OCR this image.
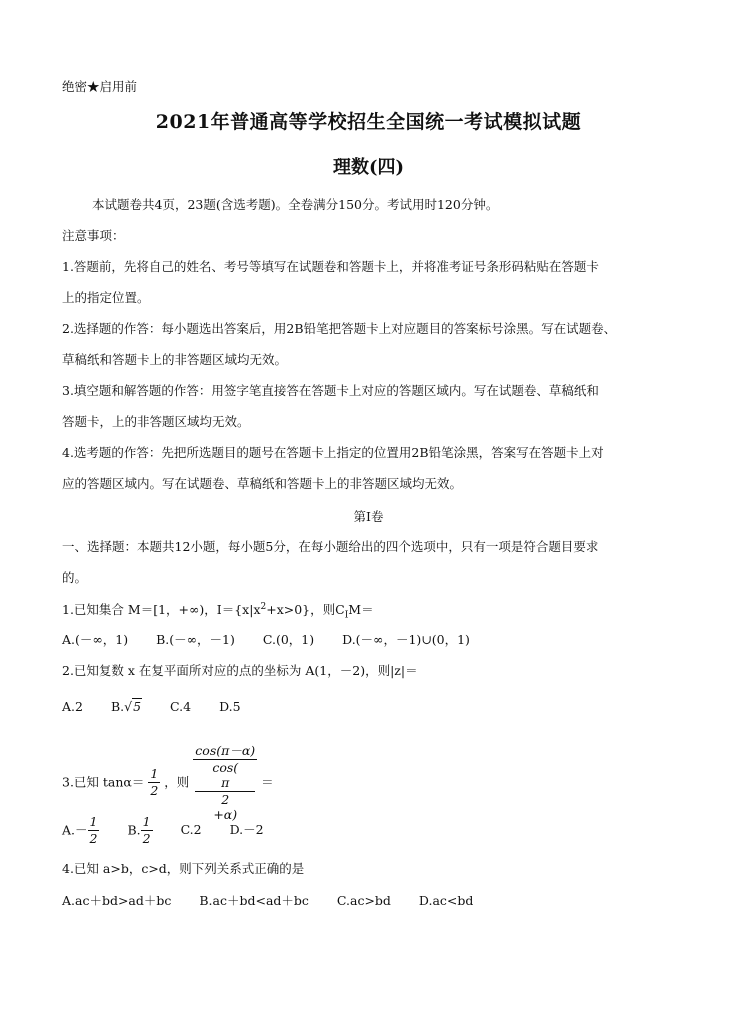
绝密★启用前
2021年普通高等学校招生全国统一考试模拟试题
理数(四)
本试题卷共4页，23题(含选考题)。全卷满分150分。考试用时120分钟。
注意事项：
1.答题前，先将自己的姓名、考号等填写在试题卷和答题卡上，并将准考证号条形码粘贴在答题卡
上的指定位置。
2.选择题的作答：每小题选出答案后，用2B铅笔把答题卡上对应题目的答案标号涂黑。写在试题卷、
草稿纸和答题卡上的非答题区域均无效。
3.填空题和解答题的作答：用签字笔直接答在答题卡上对应的答题区域内。写在试题卷、草稿纸和
答题卡，上的非答题区域均无效。
4.选考题的作答：先把所选题目的题号在答题卡上指定的位置用2B铅笔涂黑，答案写在答题卡上对
应的答题区域内。写在试题卷、草稿纸和答题卡上的非答题区域均无效。
第Ⅰ卷
一、选择题：本题共12小题，每小题5分，在每小题给出的四个选项中，只有一项是符合题目要求
的。
1.已知集合 M＝[1，+∞)，$I=\{x|x^2+x>0\}$，则$C_IM=$
A.(－∞，1) B.(－∞，－1) C.(0，1) D.(－∞，－1)∪(0，1)
2.已知复数 x 在复平面所对应的点的坐标为 A(1，－2)，则|z|＝
A.2 B.√5 C.4 D.5
3.已知 $\tan\alpha= \frac{1}{2}$ ，则 cos(π－α)
cos(
π
2
+α) ＝
$A.- \frac{1}{2} B$. $\frac{1}{2} C.2$ D.－2
4.已知 a>b，c>d，则下列关系式正确的是
A.ac＋bd>ad＋bc B.ac＋bd<ad＋bc C.ac>bd D.ac<bd
